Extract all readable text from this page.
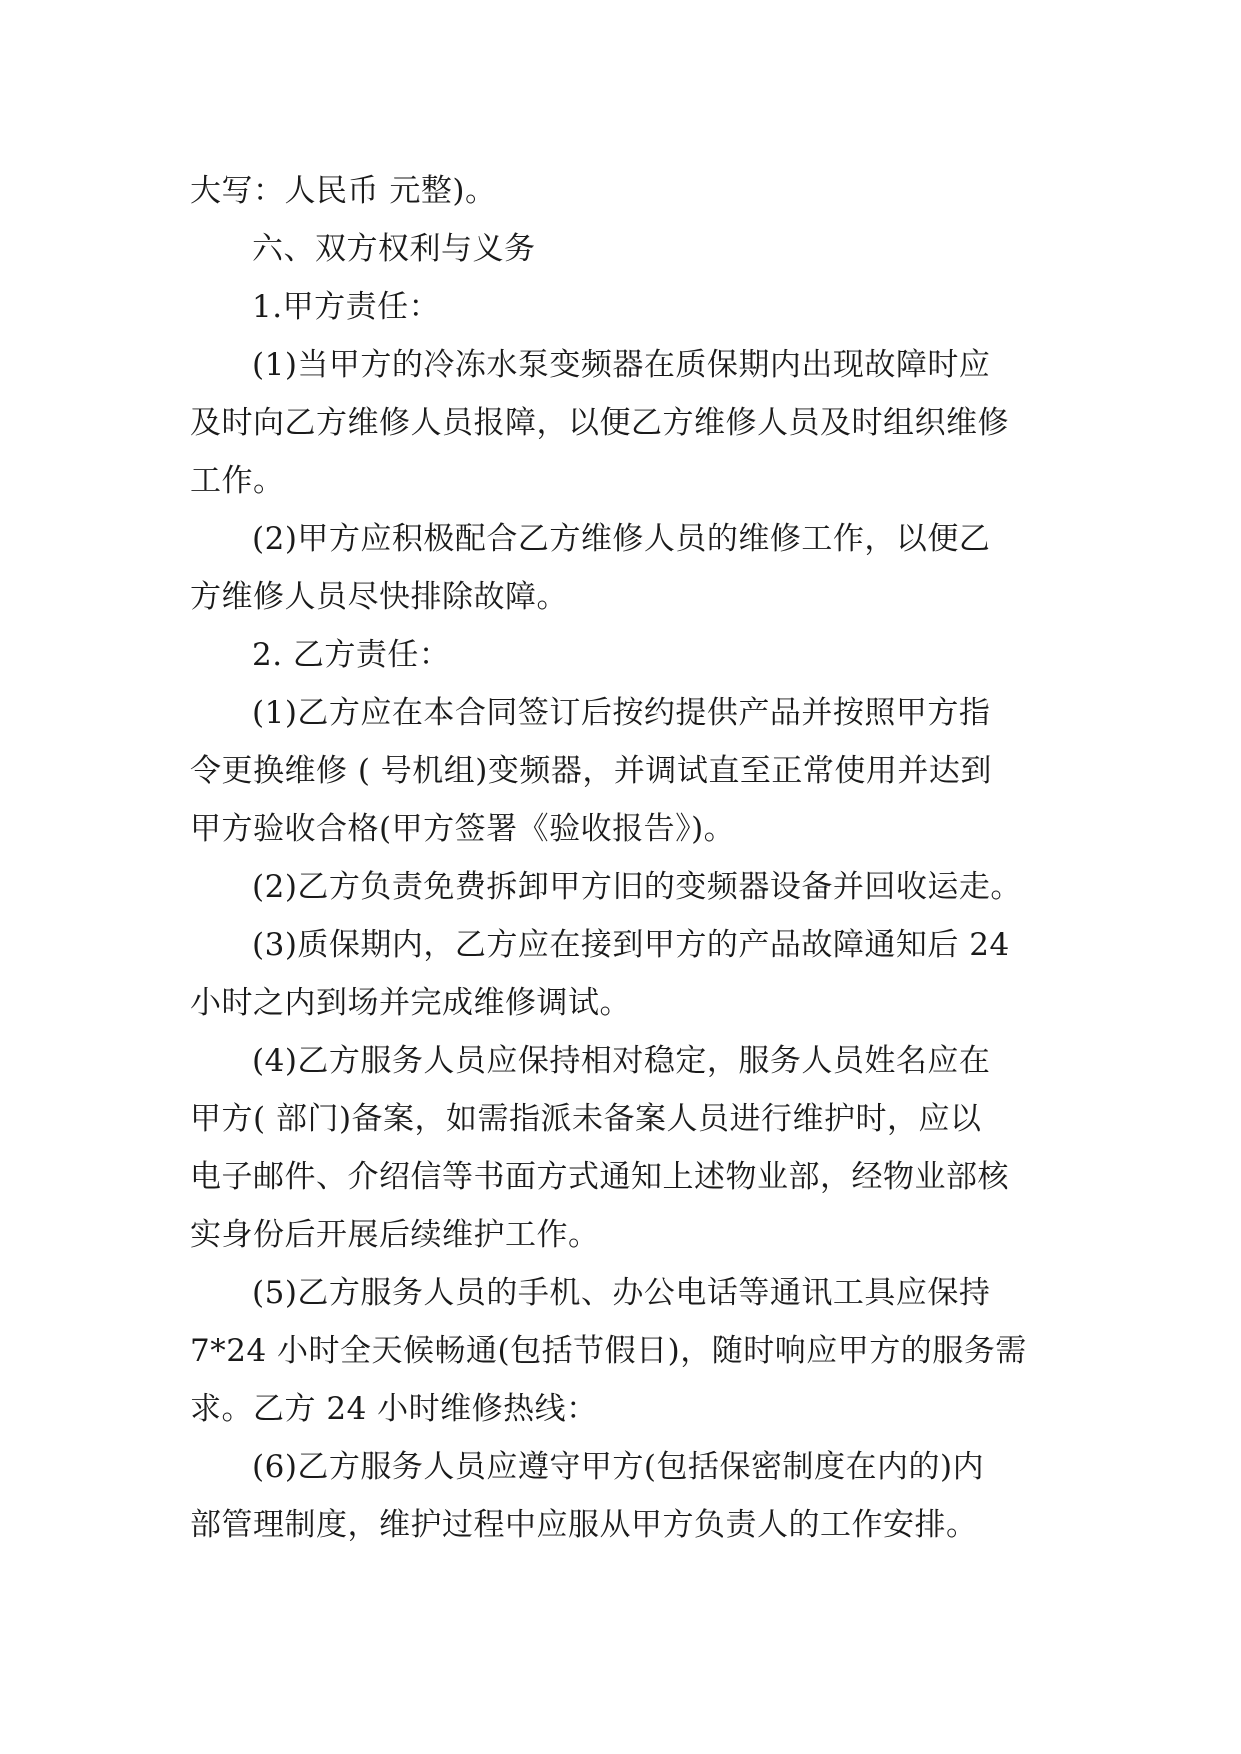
大写：人民币 元整)。
六、双方权利与义务
1.甲方责任：
(1)当甲方的冷冻水泵变频器在质保期内出现故障时应
及时向乙方维修人员报障，以便乙方维修人员及时组织维修
工作。
(2)甲方应积极配合乙方维修人员的维修工作，以便乙
方维修人员尽快排除故障。
2. 乙方责任：
(1)乙方应在本合同签订后按约提供产品并按照甲方指
令更换维修 ( 号机组)变频器，并调试直至正常使用并达到
甲方验收合格(甲方签署《验收报告》)。
(2)乙方负责免费拆卸甲方旧的变频器设备并回收运走。
(3)质保期内，乙方应在接到甲方的产品故障通知后 24
小时之内到场并完成维修调试。
(4)乙方服务人员应保持相对稳定，服务人员姓名应在
甲方( 部门)备案，如需指派未备案人员进行维护时，应以
电子邮件、介绍信等书面方式通知上述物业部，经物业部核
实身份后开展后续维护工作。
(5)乙方服务人员的手机、办公电话等通讯工具应保持
7*24 小时全天候畅通(包括节假日)，随时响应甲方的服务需
求。乙方 24 小时维修热线：
(6)乙方服务人员应遵守甲方(包括保密制度在内的)内
部管理制度，维护过程中应服从甲方负责人的工作安排。
